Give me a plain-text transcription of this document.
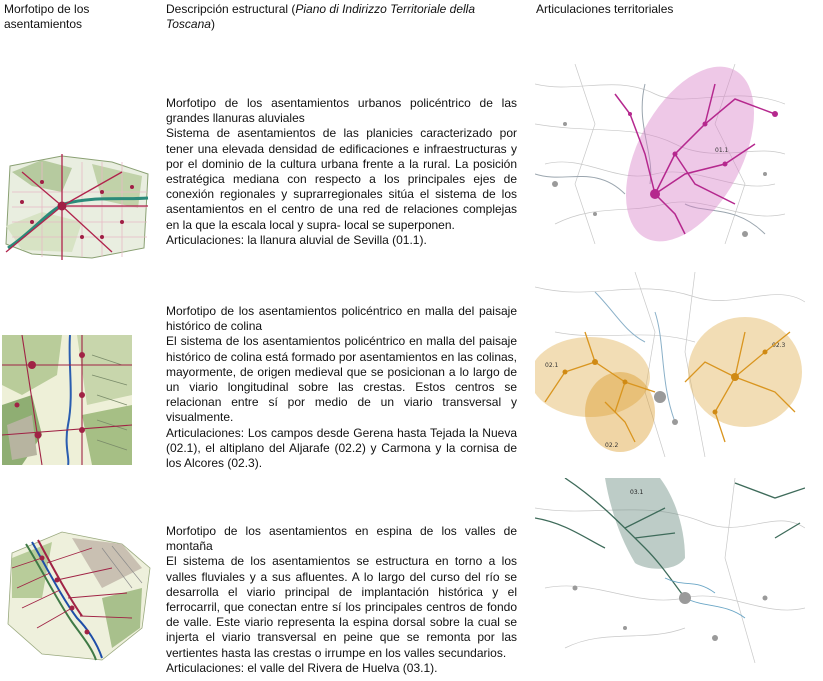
Morfotipo de los asentamientos
Descripción estructural (Piano di Indirizzo Territoriale della Toscana)
Articulaciones territoriales

Morfotipo de los asentamientos urbanos policéntrico de las grandes llanuras aluviales

Sistema de asentamientos de las planicies caracterizado por tener una elevada densidad de edificaciones e infraestructuras y por el dominio de la cultura urbana frente a la rural. La posición estratégica mediana con respecto a los principales ejes de conexión regionales y suprarregionales sitúa el sistema de los asentamientos en el centro de una red de relaciones complejas en la que la escala local y supra- local se superponen.

Articulaciones: la llanura aluvial de Sevilla (01.1).

01.1

Morfotipo de los asentamientos policéntrico en malla del paisaje histórico de colina

El sistema de los asentamientos policéntrico en malla del paisaje histórico de colina está formado por asentamientos en las colinas, mayormente, de origen medieval que se posicionan a lo largo de un viario longitudinal sobre las crestas. Estos centros se relacionan entre sí por medio de un viario transversal y visualmente.

Articulaciones: Los campos desde Gerena hasta Tejada la Nueva (02.1), el altiplano del Aljarafe (02.2) y Carmona y la cornisa de los Alcores (02.3).

02.1
02.2
02.3

Morfotipo de los asentamientos en espina de los valles de montaña

El sistema de los asentamientos se estructura en torno a los valles fluviales y a sus afluentes. A lo largo del curso del río se desarrolla el viario principal de implantación histórica y el ferrocarril, que conectan entre sí los principales centros de fondo de valle. Este viario representa la espina dorsal sobre la cual se injerta el viario transversal en peine que se remonta por las vertientes hasta las crestas o irrumpe en los valles secundarios.

Articulaciones: el valle del Rivera de Huelva (03.1).

03.1
